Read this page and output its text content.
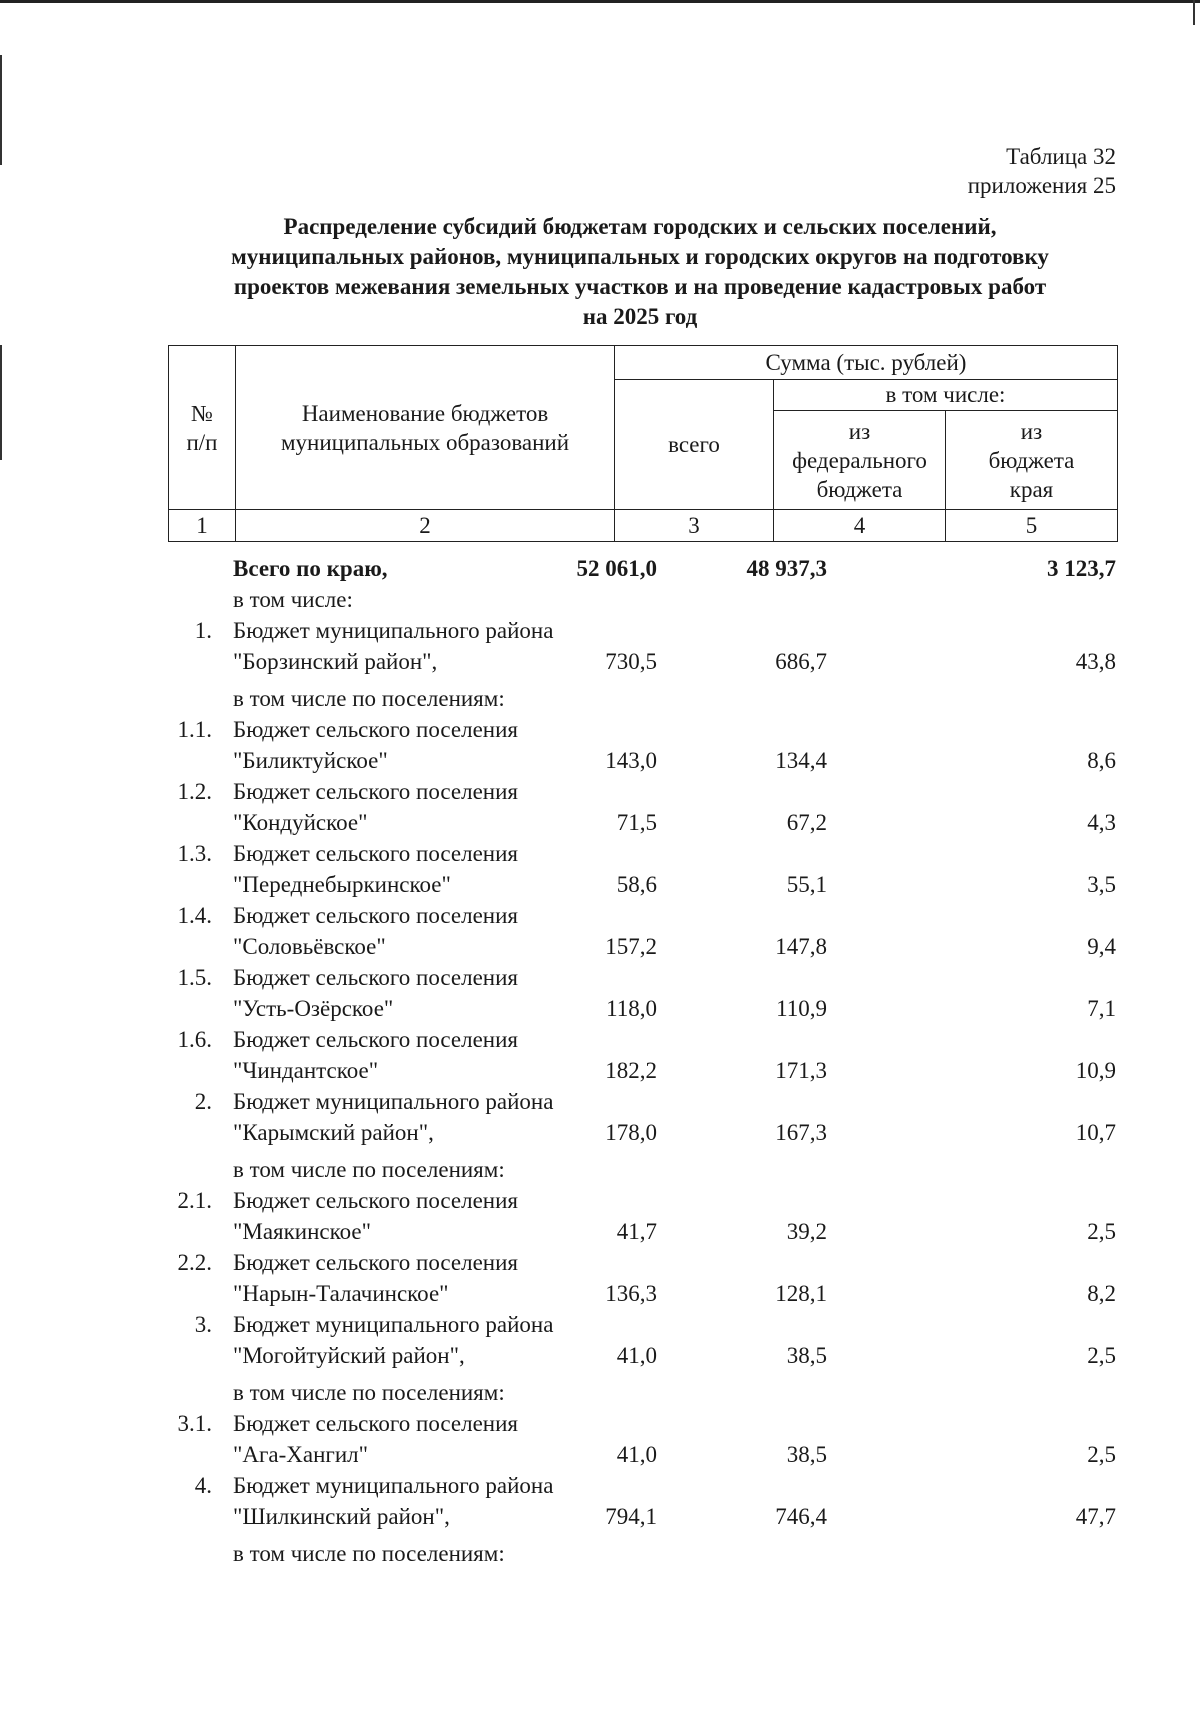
Таблица 32
приложения 25
Распределение субсидий бюджетам городских и сельских поселений,
муниципальных районов, муниципальных и городских округов на подготовку
проектов межевания земельных участков и на проведение кадастровых работ
на 2025 год
№ п/п	Наименование бюджетов муниципальных образований	Сумма (тыс. рублей)		
		всего	в том числе:	

			из федерального бюджета	из бюджета края

1	2	3	4	5
Всего по краю,	52 061,0	48 937,3	3 123,7
в том числе:
1. Бюджет муниципального района
"Борзинский район",	730,5	686,7	43,8
в том числе по поселениям:
1.1. Бюджет сельского поселения
"Биликтуйское"	143,0	134,4	8,6
1.2. Бюджет сельского поселения
"Кондуйское"	71,5	67,2	4,3
1.3. Бюджет сельского поселения
"Переднебыркинское"	58,6	55,1	3,5
1.4. Бюджет сельского поселения
"Соловьёвское"	157,2	147,8	9,4
1.5. Бюджет сельского поселения
"Усть-Озёрское"	118,0	110,9	7,1
1.6. Бюджет сельского поселения
"Чиндантское"	182,2	171,3	10,9
2. Бюджет муниципального района
"Карымский район",	178,0	167,3	10,7
в том числе по поселениям:
2.1. Бюджет сельского поселения
"Маякинское"	41,7	39,2	2,5
2.2. Бюджет сельского поселения
"Нарын-Талачинское"	136,3	128,1	8,2
3. Бюджет муниципального района
"Могойтуйский район",	41,0	38,5	2,5
в том числе по поселениям:
3.1. Бюджет сельского поселения
"Ага-Хангил"	41,0	38,5	2,5
4. Бюджет муниципального района
"Шилкинский район",	794,1	746,4	47,7
в том числе по поселениям:
